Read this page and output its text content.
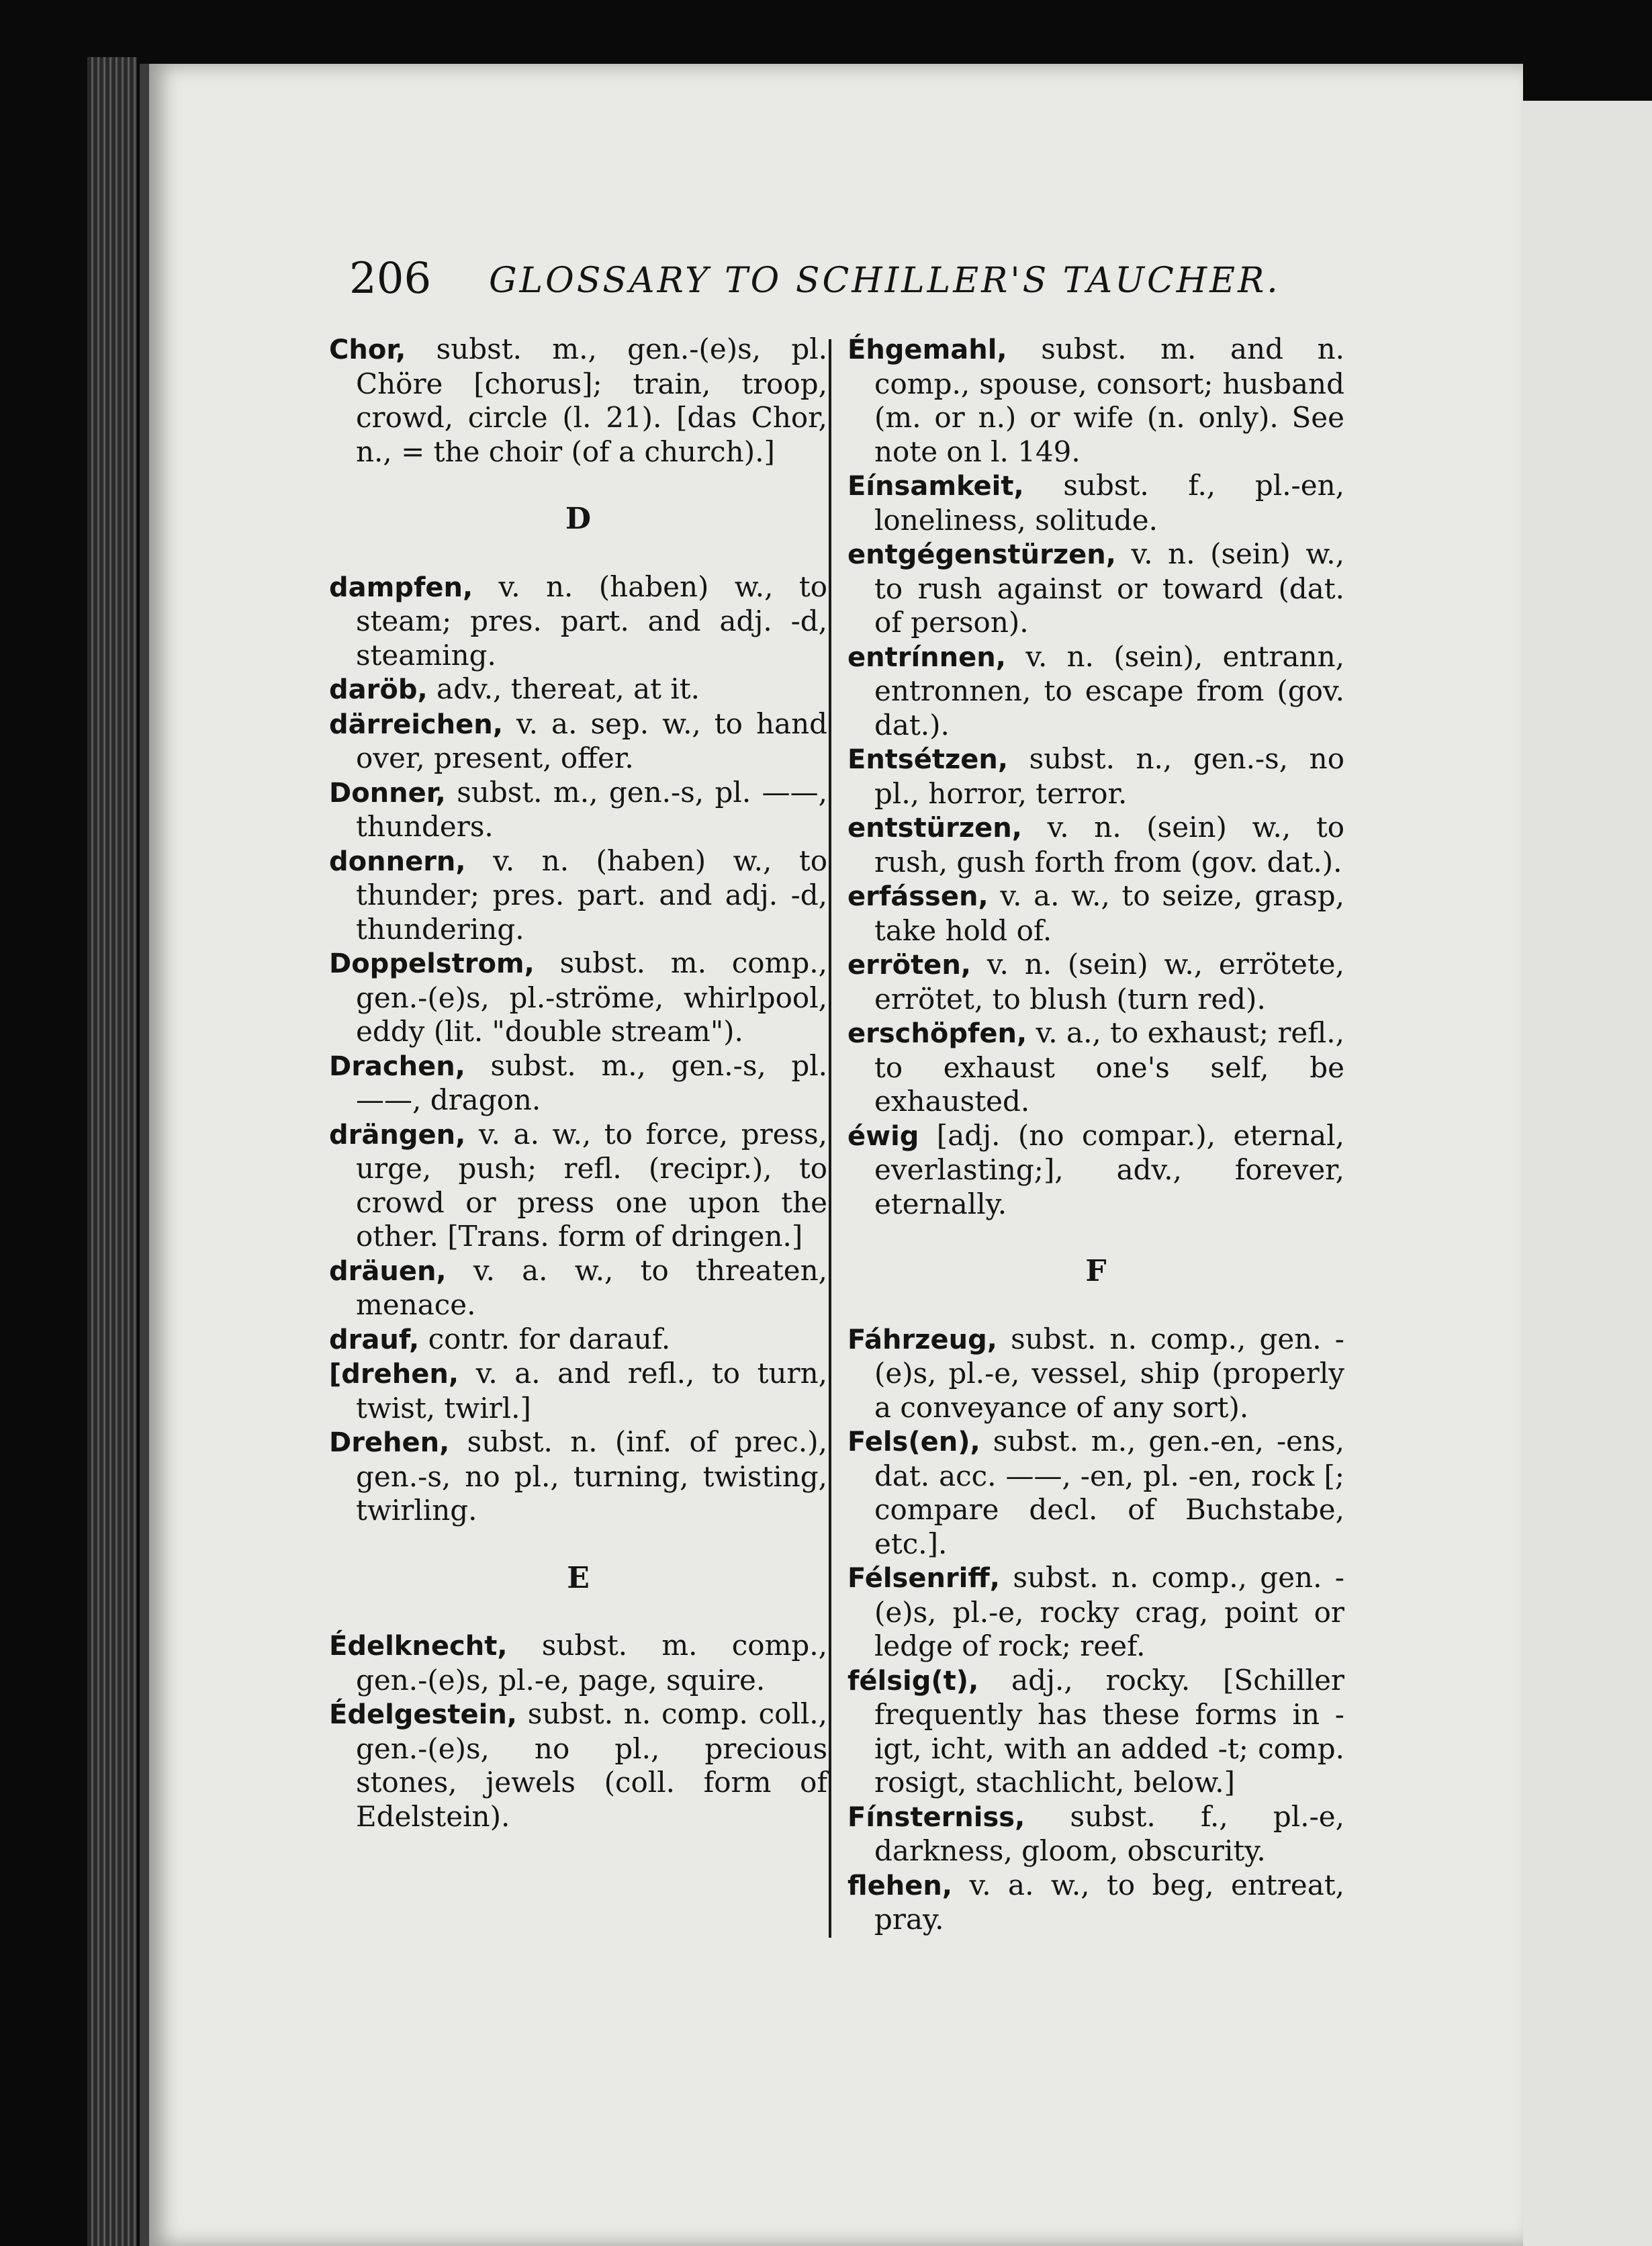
206 GLOSSARY TO SCHILLER'S TAUCHER.

Chor, subst. m., gen.-(e)s, pl. Chöre [chorus]; train, troop, crowd, circle (l. 21). [das Chor, n., = the choir (of a church).]

D

dampfen, v. n. (haben) w., to steam; pres. part. and adj. -d, steaming.

daröb, adv., thereat, at it.

därreichen, v. a. sep. w., to hand over, present, offer.

Donner, subst. m., gen.-s, pl. ——, thunders.

donnern, v. n. (haben) w., to thunder; pres. part. and adj. -d, thundering.

Doppelstrom, subst. m. comp., gen.-(e)s, pl.-ströme, whirlpool, eddy (lit. "double stream").

Drachen, subst. m., gen.-s, pl. ——, dragon.

drängen, v. a. w., to force, press, urge, push; refl. (recipr.), to crowd or press one upon the other. [Trans. form of dringen.]

dräuen, v. a. w., to threaten, menace.

drauf, contr. for darauf.

[drehen, v. a. and refl., to turn, twist, twirl.]

Drehen, subst. n. (inf. of prec.), gen.-s, no pl., turning, twisting, twirling.

E

Édelknecht, subst. m. comp., gen.-(e)s, pl.-e, page, squire.

Édelgestein, subst. n. comp. coll., gen.-(e)s, no pl., precious stones, jewels (coll. form of Edelstein).

Éhgemahl, subst. m. and n. comp., spouse, consort; husband (m. or n.) or wife (n. only). See note on l. 149.

Eínsamkeit, subst. f., pl.-en, loneliness, solitude.

entgégenstürzen, v. n. (sein) w., to rush against or toward (dat. of person).

entrínnen, v. n. (sein), entrann, entronnen, to escape from (gov. dat.).

Entsétzen, subst. n., gen.-s, no pl., horror, terror.

entstürzen, v. n. (sein) w., to rush, gush forth from (gov. dat.).

erfássen, v. a. w., to seize, grasp, take hold of.

erröten, v. n. (sein) w., errötete, errötet, to blush (turn red).

erschöpfen, v. a., to exhaust; refl., to exhaust one's self, be exhausted.

éwig [adj. (no compar.), eternal, everlasting;], adv., forever, eternally.

F

Fáhrzeug, subst. n. comp., gen. -(e)s, pl.-e, vessel, ship (properly a conveyance of any sort).

Fels(en), subst. m., gen.-en, -ens, dat. acc. ——, -en, pl. -en, rock [; compare decl. of Buchstabe, etc.].

Félsenriff, subst. n. comp., gen. -(e)s, pl.-e, rocky crag, point or ledge of rock; reef.

félsig(t), adj., rocky. [Schiller frequently has these forms in -igt, icht, with an added -t; comp. rosigt, stachlicht, below.]

Fínsterniss, subst. f., pl.-e, darkness, gloom, obscurity.

flehen, v. a. w., to beg, entreat, pray.
